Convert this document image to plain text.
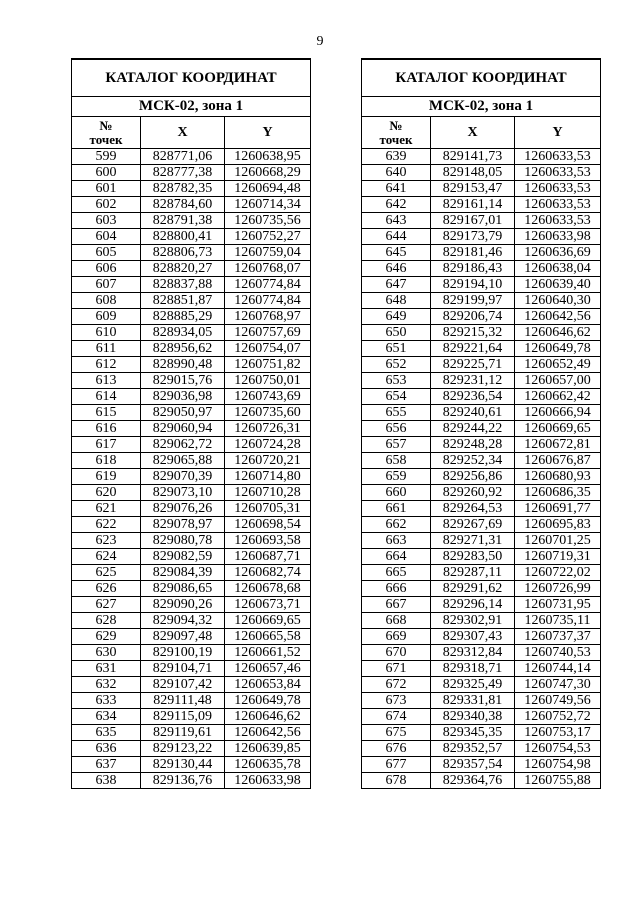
9
КАТАЛОГ КООРДИНАТ		
МСК-02, зона 1		
№
точек	X	Y
599	828771,06	1260638,95
600	828777,38	1260668,29
601	828782,35	1260694,48
602	828784,60	1260714,34
603	828791,38	1260735,56
604	828800,41	1260752,27
605	828806,73	1260759,04
606	828820,27	1260768,07
607	828837,88	1260774,84
608	828851,87	1260774,84
609	828885,29	1260768,97
610	828934,05	1260757,69
611	828956,62	1260754,07
612	828990,48	1260751,82
613	829015,76	1260750,01
614	829036,98	1260743,69
615	829050,97	1260735,60
616	829060,94	1260726,31
617	829062,72	1260724,28
618	829065,88	1260720,21
619	829070,39	1260714,80
620	829073,10	1260710,28
621	829076,26	1260705,31
622	829078,97	1260698,54
623	829080,78	1260693,58
624	829082,59	1260687,71
625	829084,39	1260682,74
626	829086,65	1260678,68
627	829090,26	1260673,71
628	829094,32	1260669,65
629	829097,48	1260665,58
630	829100,19	1260661,52
631	829104,71	1260657,46
632	829107,42	1260653,84
633	829111,48	1260649,78
634	829115,09	1260646,62
635	829119,61	1260642,56
636	829123,22	1260639,85
637	829130,44	1260635,78
638	829136,76	1260633,98
КАТАЛОГ КООРДИНАТ		
МСК-02, зона 1		
№
точек	X	Y
639	829141,73	1260633,53
640	829148,05	1260633,53
641	829153,47	1260633,53
642	829161,14	1260633,53
643	829167,01	1260633,53
644	829173,79	1260633,98
645	829181,46	1260636,69
646	829186,43	1260638,04
647	829194,10	1260639,40
648	829199,97	1260640,30
649	829206,74	1260642,56
650	829215,32	1260646,62
651	829221,64	1260649,78
652	829225,71	1260652,49
653	829231,12	1260657,00
654	829236,54	1260662,42
655	829240,61	1260666,94
656	829244,22	1260669,65
657	829248,28	1260672,81
658	829252,34	1260676,87
659	829256,86	1260680,93
660	829260,92	1260686,35
661	829264,53	1260691,77
662	829267,69	1260695,83
663	829271,31	1260701,25
664	829283,50	1260719,31
665	829287,11	1260722,02
666	829291,62	1260726,99
667	829296,14	1260731,95
668	829302,91	1260735,11
669	829307,43	1260737,37
670	829312,84	1260740,53
671	829318,71	1260744,14
672	829325,49	1260747,30
673	829331,81	1260749,56
674	829340,38	1260752,72
675	829345,35	1260753,17
676	829352,57	1260754,53
677	829357,54	1260754,98
678	829364,76	1260755,88
